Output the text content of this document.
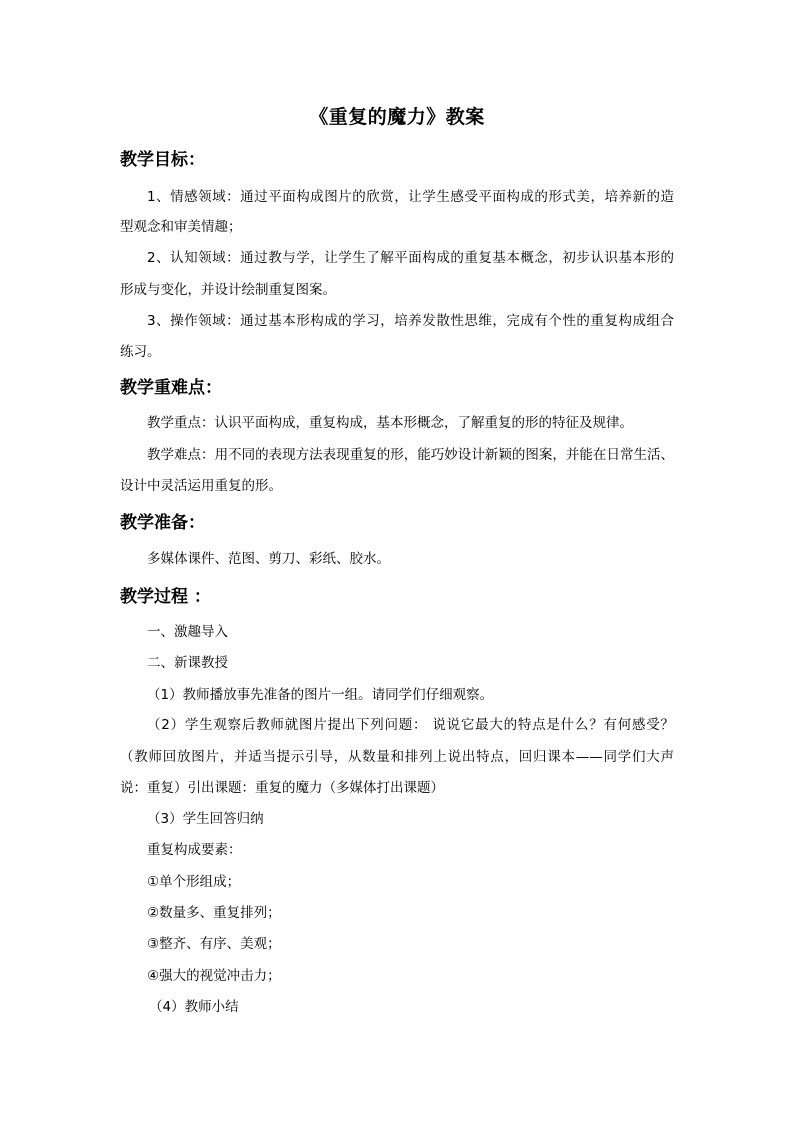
《重复的魔力》教案
教学目标：
1、情感领域：通过平面构成图片的欣赏，让学生感受平面构成的形式美，培养新的造
型观念和审美情趣；
2、认知领域：通过教与学，让学生了解平面构成的重复基本概念，初步认识基本形的
形成与变化，并设计绘制重复图案。
3、操作领域：通过基本形构成的学习，培养发散性思维，完成有个性的重复构成组合
练习。
教学重难点：
教学重点：认识平面构成，重复构成，基本形概念，了解重复的形的特征及规律。
教学难点：用不同的表现方法表现重复的形，能巧妙设计新颖的图案，并能在日常生活、
设计中灵活运用重复的形。
教学准备：
多媒体课件、范图、剪刀、彩纸、胶水。
教学过程 ：
一、激趣导入
二、新课教授
（1）教师播放事先准备的图片一组。请同学们仔细观察。
（2）学生观察后教师就图片提出下列问题： 说说它最大的特点是什么？有何感受？
（教师回放图片，并适当提示引导，从数量和排列上说出特点，回归课本——同学们大声
说：重复）引出课题：重复的魔力（多媒体打出课题）
（3）学生回答归纳
重复构成要素：
①单个形组成；
②数量多、重复排列；
③整齐、有序、美观；
④强大的视觉冲击力；
（4）教师小结
